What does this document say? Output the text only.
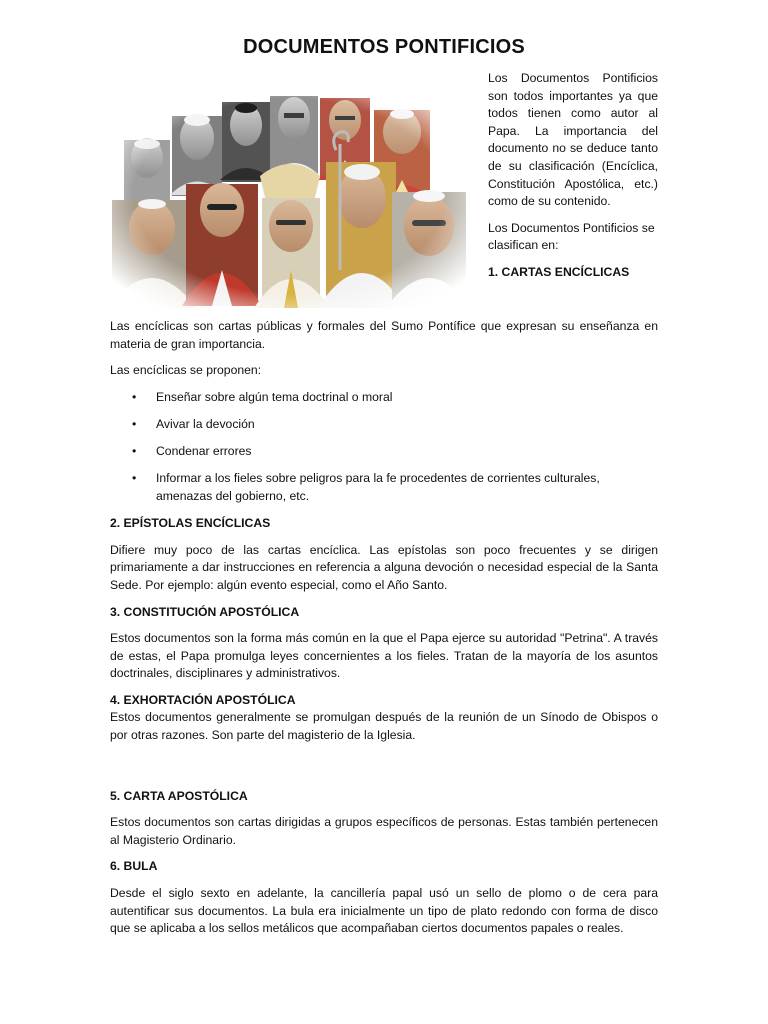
DOCUMENTOS PONTIFICIOS

Los Documentos Pontificios son todos importantes ya que todos tienen como autor al Papa. La importancia del documento no se deduce tanto de su clasificación (Encíclica, Constitución Apostólica, etc.) como de su contenido.

Los Documentos Pontificios se clasifican en:

1. CARTAS ENCÍCLICAS

Las encíclicas son cartas públicas y formales del Sumo Pontífice que expresan su enseñanza en materia de gran importancia.

Las encíclicas se proponen:

• Enseñar sobre algún tema doctrinal o moral
• Avivar la devoción
• Condenar errores
• Informar a los fieles sobre peligros para la fe procedentes de corrientes culturales, amenazas del gobierno, etc.
2. EPÍSTOLAS ENCÍCLICAS

Difiere muy poco de las cartas encíclica. Las epístolas son poco frecuentes y se dirigen primariamente a dar instrucciones en referencia a alguna devoción o necesidad especial de la Santa Sede. Por ejemplo: algún evento especial, como el Año Santo.

3. CONSTITUCIÓN APOSTÓLICA

Estos documentos son la forma más común en la que el Papa ejerce su autoridad "Petrina". A través de estas, el Papa promulga leyes concernientes a los fieles. Tratan de la mayoría de los asuntos doctrinales, disciplinares y administrativos.

4. EXHORTACIÓN APOSTÓLICA

Estos documentos generalmente se promulgan después de la reunión de un Sínodo de Obispos o por otras razones. Son parte del magisterio de la Iglesia.

5. CARTA APOSTÓLICA

Estos documentos son cartas dirigidas a grupos específicos de personas. Estas también pertenecen al Magisterio Ordinario.

6. BULA

Desde el siglo sexto en adelante, la cancillería papal usó un sello de plomo o de cera para autentificar sus documentos. La bula era inicialmente un tipo de plato redondo con forma de disco que se aplicaba a los sellos metálicos que acompañaban ciertos documentos papales o reales.
